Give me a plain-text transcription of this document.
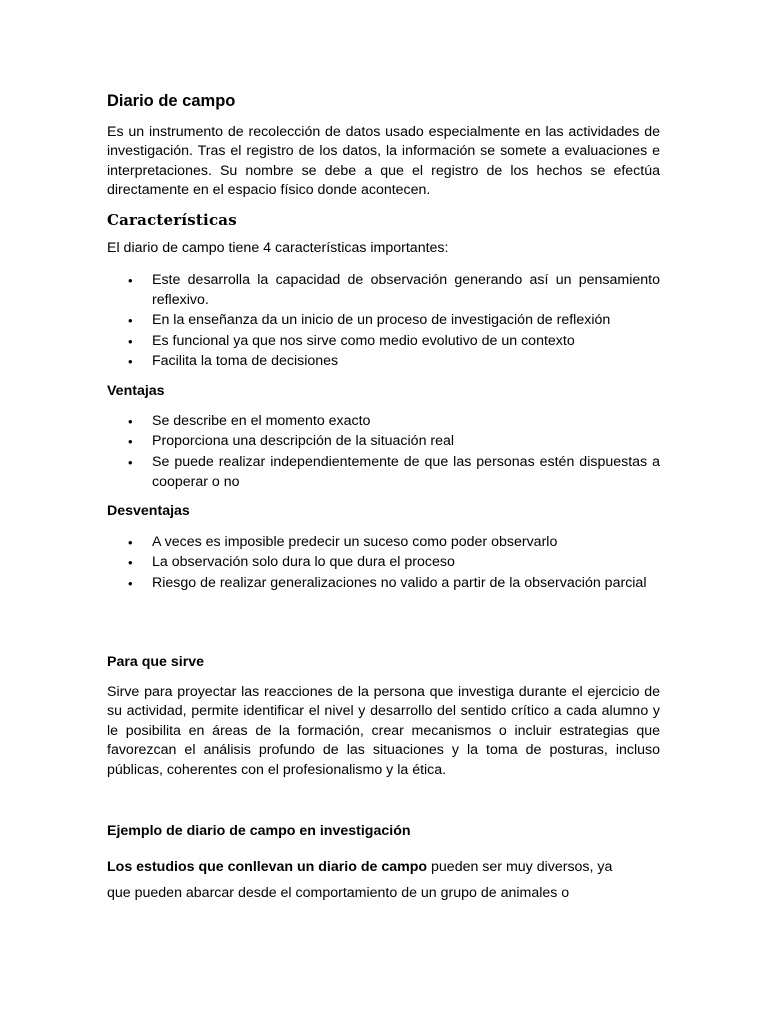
Diario de campo

Es un instrumento de recolección de datos usado especialmente en las actividades de investigación. Tras el registro de los datos, la información se somete a evaluaciones e interpretaciones. Su nombre se debe a que el registro de los hechos se efectúa directamente en el espacio físico donde acontecen.

Características

El diario de campo tiene 4 características importantes:

• Este desarrolla la capacidad de observación generando así un pensamiento reflexivo.
• En la enseñanza da un inicio de un proceso de investigación de reflexión
• Es funcional ya que nos sirve como medio evolutivo de un contexto
• Facilita la toma de decisiones
Ventajas
• Se describe en el momento exacto
• Proporciona una descripción de la situación real
• Se puede realizar independientemente de que las personas estén dispuestas a cooperar o no
Desventajas
• A veces es imposible predecir un suceso como poder observarlo
• La observación solo dura lo que dura el proceso
• Riesgo de realizar generalizaciones no valido a partir de la observación parcial
Para que sirve

Sirve para proyectar las reacciones de la persona que investiga durante el ejercicio de su actividad, permite identificar el nivel y desarrollo del sentido crítico a cada alumno y le posibilita en áreas de la formación, crear mecanismos o incluir estrategias que favorezcan el análisis profundo de las situaciones y la toma de posturas, incluso públicas, coherentes con el profesionalismo y la ética.

Ejemplo de diario de campo en investigación

Los estudios que conllevan un diario de campo pueden ser muy diversos, ya
que pueden abarcar desde el comportamiento de un grupo de animales o
